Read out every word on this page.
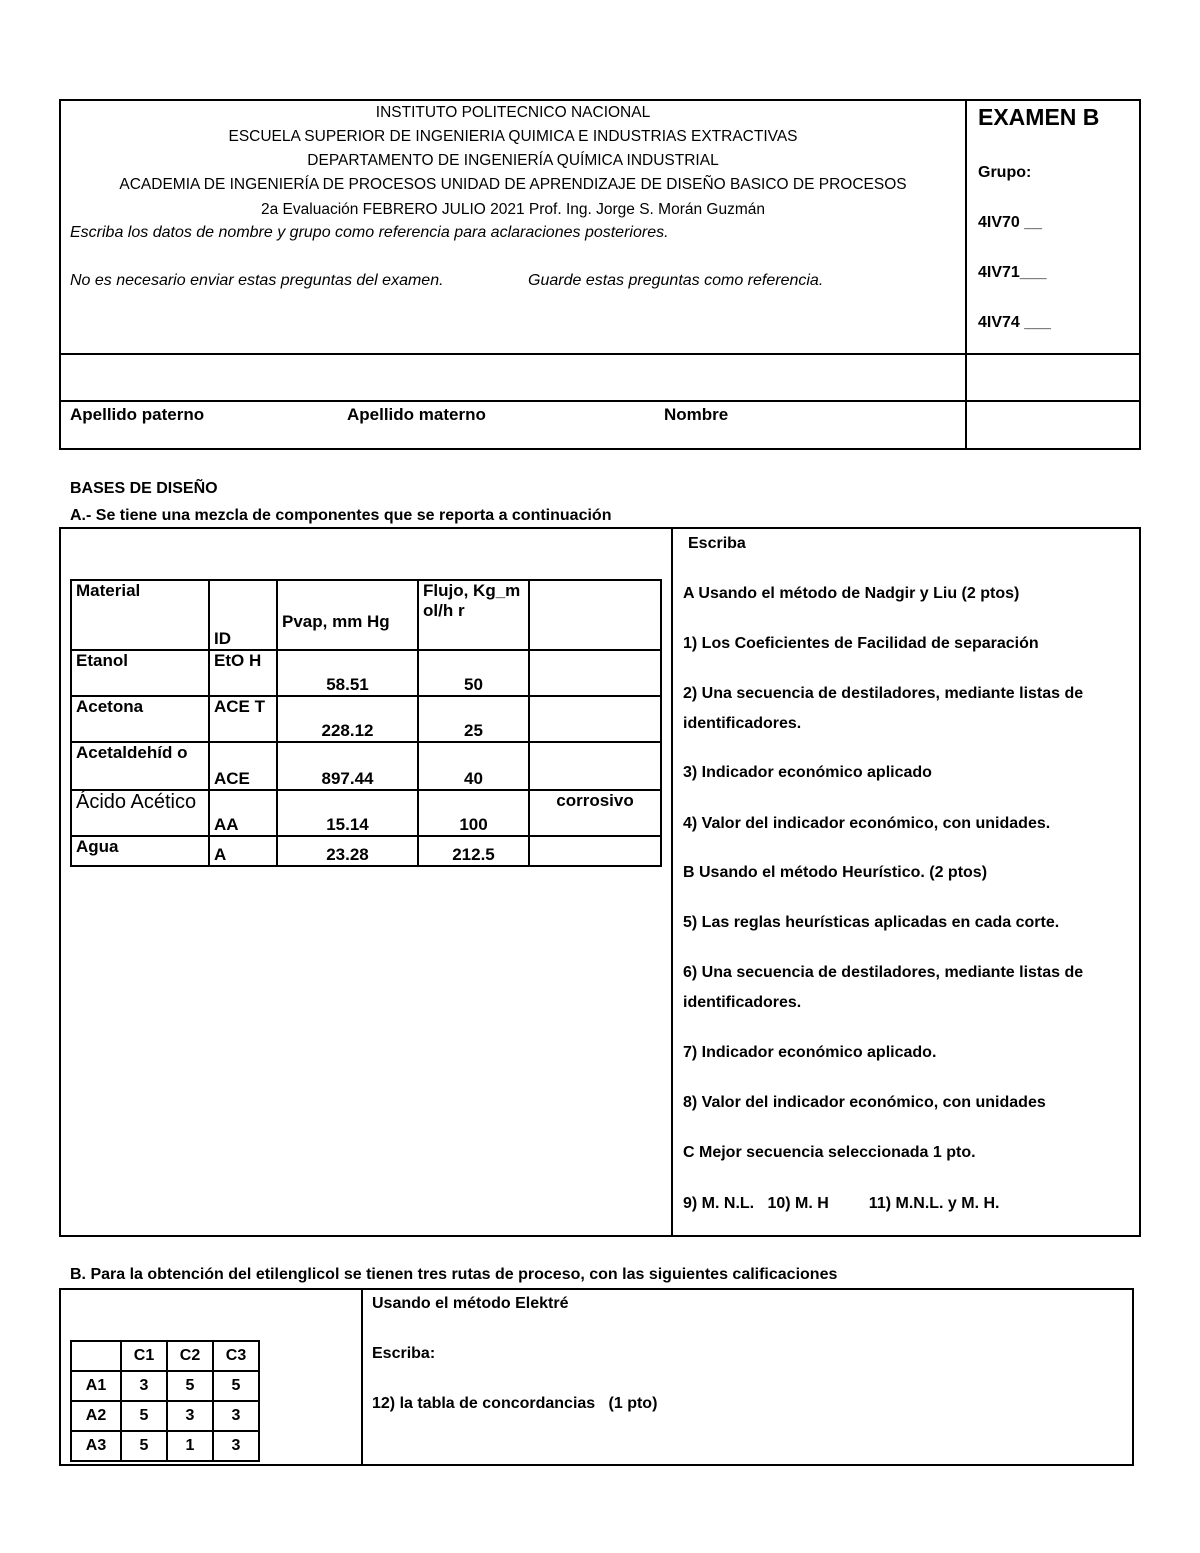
INSTITUTO POLITECNICO NACIONAL
ESCUELA SUPERIOR DE INGENIERIA QUIMICA E INDUSTRIAS EXTRACTIVAS
DEPARTAMENTO DE INGENIERÍA QUÍMICA INDUSTRIAL
ACADEMIA DE INGENIERÍA DE PROCESOS UNIDAD DE APRENDIZAJE DE DISEÑO BASICO DE PROCESOS
2a Evaluación FEBRERO JULIO 2021 Prof. Ing. Jorge S. Morán Guzmán
Escriba los datos de nombre y grupo como referencia para aclaraciones posteriores.
No es necesario enviar estas preguntas del examen.	Guarde estas preguntas como referencia.
EXAMEN B
Grupo:
4IV70 __
4IV71___
4IV74 ___
Apellido paterno	Apellido materno	Nombre
BASES DE DISEÑO
A.- Se tiene una mezcla de componentes que se reporta a continuación
Material	ID	Pvap, mm Hg	Flujo, Kg_mol/h r	
Etanol	EtO H	58.51	50	
Acetona	ACE T	228.12	25	
Acetaldehíd o	ACE	897.44	40	
Ácido Acético	AA	15.14	100	corrosivo
Agua	A	23.28	212.5	
Escriba
A Usando el método de Nadgir y Liu (2 ptos)
1) Los Coeficientes de Facilidad de separación
2) Una secuencia de destiladores, mediante listas de identificadores.
3) Indicador económico aplicado
4) Valor del indicador económico, con unidades.
B Usando el método Heurístico. (2 ptos)
5) Las reglas heurísticas aplicadas en cada corte.
6) Una secuencia de destiladores, mediante listas de identificadores.
7) Indicador económico aplicado.
8) Valor del indicador económico, con unidades
C Mejor secuencia seleccionada 1 pto.
9) M. N.L.   10) M. H         11) M.N.L. y M. H.
B. Para la obtención del etilenglicol se tienen tres rutas de proceso, con las siguientes calificaciones
	C1	C2	C3
A1	3	5	5
A2	5	3	3
A3	5	1	3
Usando el método Elektré
Escriba:
12) la tabla de concordancias   (1 pto)
